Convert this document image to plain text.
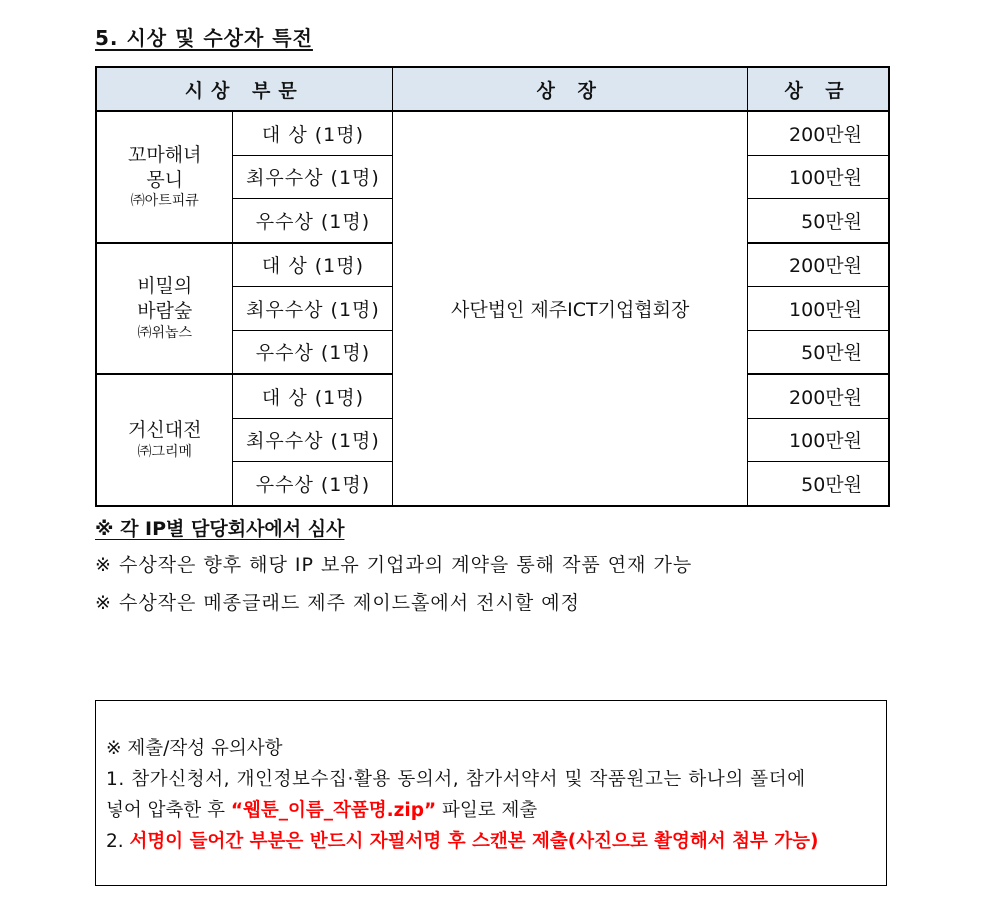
5. 시상 및 수상자 특전
시상 부문		상 장	상 금

꼬마해녀
몽니
㈜아트피큐	대 상 (1명)	사단법인 제주ICT기업협회장	200만원
	최우수상 (1명)		100만원
	우수상 (1명)		50만원

비밀의
바람숲
㈜위놉스	대 상 (1명)		200만원
	최우수상 (1명)		100만원
	우수상 (1명)		50만원

거신대전
㈜그리메	대 상 (1명)		200만원
	최우수상 (1명)		100만원
	우수상 (1명)		50만원
※ 각 IP별 담당회사에서 심사
※ 수상작은 향후 해당 IP 보유 기업과의 계약을 통해 작품 연재 가능
※ 수상작은 메종글래드 제주 제이드홀에서 전시할 예정
※ 제출/작성 유의사항
1. 참가신청서, 개인정보수집·활용 동의서, 참가서약서 및 작품원고는 하나의 폴더에
넣어 압축한 후 “웹툰_이름_작품명.zip” 파일로 제출
2. 서명이 들어간 부분은 반드시 자필서명 후 스캔본 제출(사진으로 촬영해서 첨부 가능)
